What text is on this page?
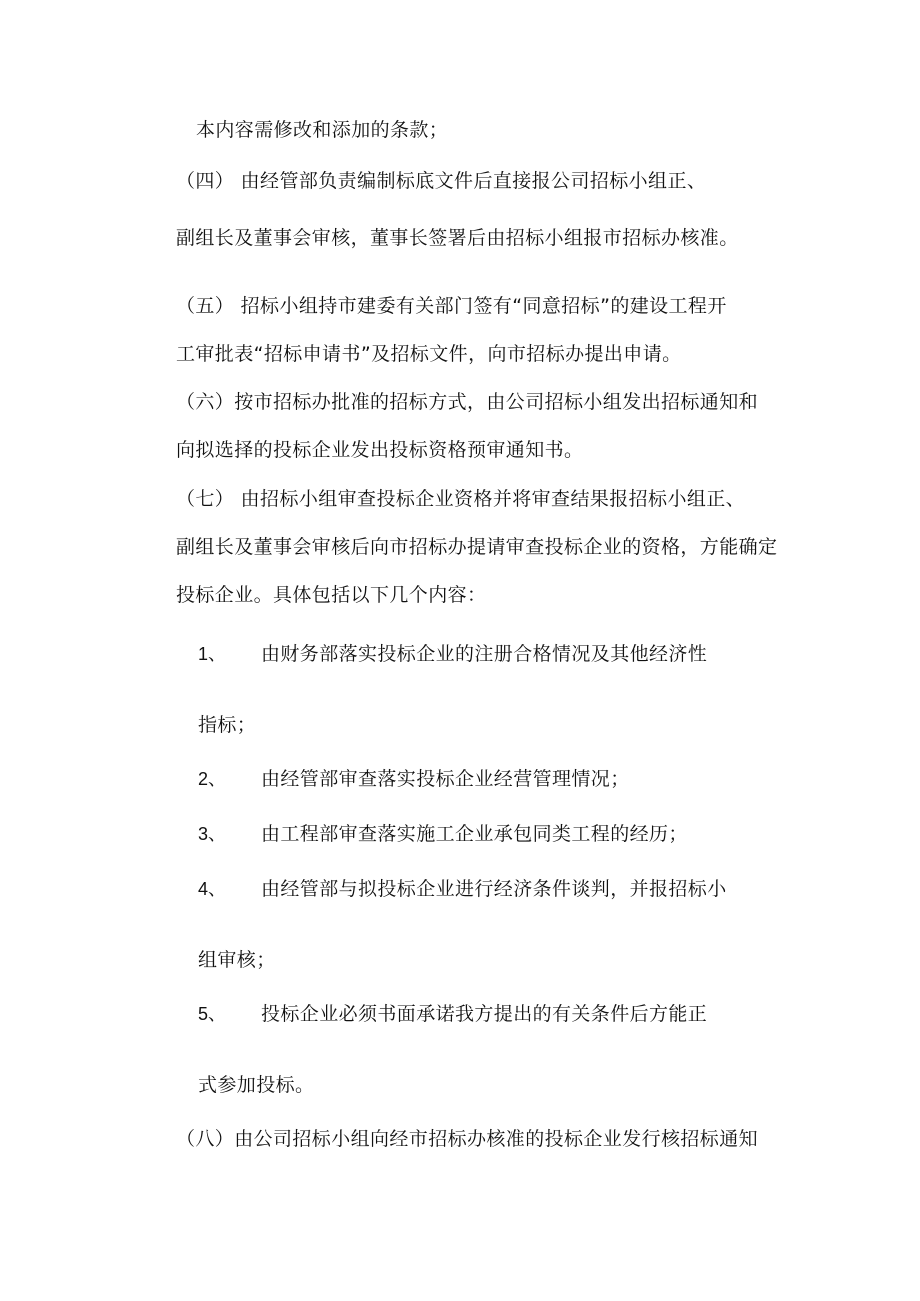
本内容需修改和添加的条款；
（四） 由经管部负责编制标底文件后直接报公司招标小组正、
副组长及董事会审核，董事长签署后由招标小组报市招标办核准。
（五） 招标小组持市建委有关部门签有“同意招标”的建设工程开
工审批表“招标申请书”及招标文件，向市招标办提出申请。
（六）按市招标办批准的招标方式，由公司招标小组发出招标通知和
向拟选择的投标企业发出投标资格预审通知书。
（七） 由招标小组审查投标企业资格并将审查结果报招标小组正、
副组长及董事会审核后向市招标办提请审查投标企业的资格，方能确定
投标企业。具体包括以下几个内容：
1、 由财务部落实投标企业的注册合格情况及其他经济性
指标；
2、 由经管部审查落实投标企业经营管理情况；
3、 由工程部审查落实施工企业承包同类工程的经历；
4、 由经管部与拟投标企业进行经济条件谈判，并报招标小
组审核；
5、 投标企业必须书面承诺我方提出的有关条件后方能正
式参加投标。
（八）由公司招标小组向经市招标办核准的投标企业发行核招标通知
